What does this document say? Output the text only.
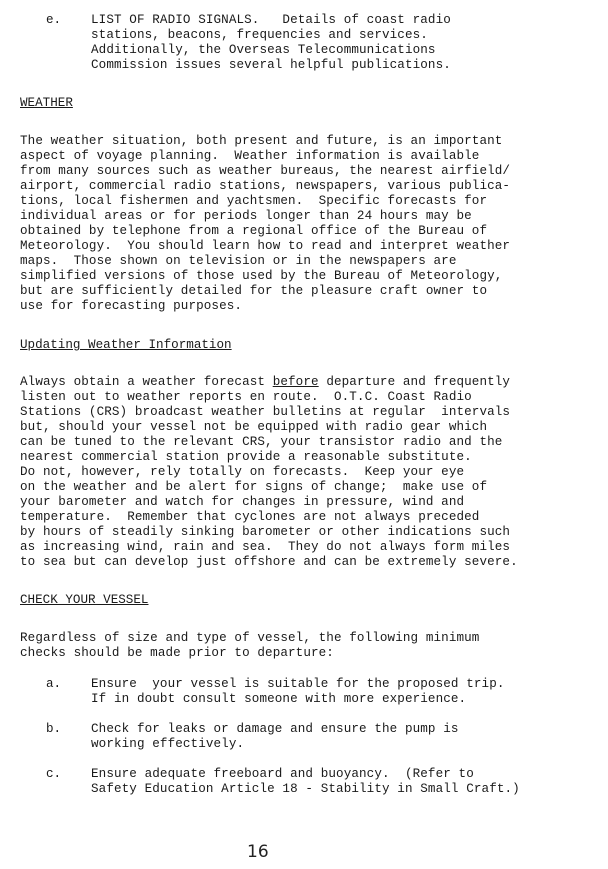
e. LIST OF RADIO SIGNALS.   Details of coast radio
stations, beacons, frequencies and services.
Additionally, the Overseas Telecommunications
Commission issues several helpful publications.
WEATHER
The weather situation, both present and future, is an important
aspect of voyage planning.  Weather information is available
from many sources such as weather bureaus, the nearest airfield/
airport, commercial radio stations, newspapers, various publica-
tions, local fishermen and yachtsmen.  Specific forecasts for
individual areas or for periods longer than 24 hours may be
obtained by telephone from a regional office of the Bureau of
Meteorology.  You should learn how to read and interpret weather
maps.  Those shown on television or in the newspapers are
simplified versions of those used by the Bureau of Meteorology,
but are sufficiently detailed for the pleasure craft owner to
use for forecasting purposes.
Updating Weather Information
Always obtain a weather forecast before departure and frequently
listen out to weather reports en route.  O.T.C. Coast Radio
Stations (CRS) broadcast weather bulletins at regular  intervals
but, should your vessel not be equipped with radio gear which
can be tuned to the relevant CRS, your transistor radio and the
nearest commercial station provide a reasonable substitute.
Do not, however, rely totally on forecasts.  Keep your eye
on the weather and be alert for signs of change;  make use of
your barometer and watch for changes in pressure, wind and
temperature.  Remember that cyclones are not always preceded
by hours of steadily sinking barometer or other indications such
as increasing wind, rain and sea.  They do not always form miles
to sea but can develop just offshore and can be extremely severe.
CHECK YOUR VESSEL
Regardless of size and type of vessel, the following minimum
checks should be made prior to departure:
a. Ensure  your vessel is suitable for the proposed trip.
If in doubt consult someone with more experience.
b. Check for leaks or damage and ensure the pump is
working effectively.
c. Ensure adequate freeboard and buoyancy.  (Refer to
Safety Education Article 18 - Stability in Small Craft.)
16
